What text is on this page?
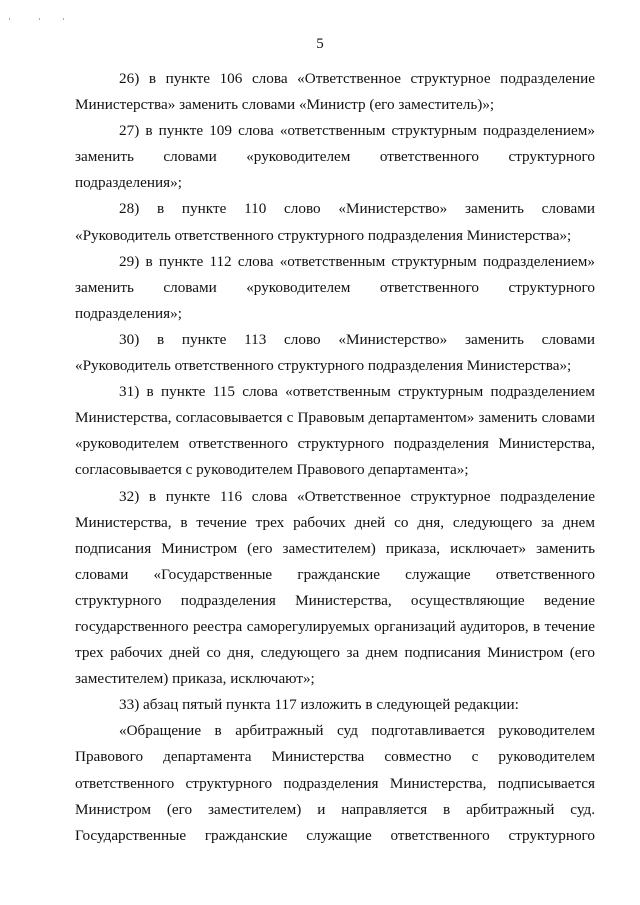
·	· ·
5
26) в пункте 106 слова «Ответственное структурное подразделение
Министерства» заменить словами «Министр (его заместитель)»;
27) в пункте 109 слова «ответственным структурным подразделением»
заменить словами «руководителем ответственного структурного
подразделения»;
28) в пункте 110 слово «Министерство» заменить словами
«Руководитель ответственного структурного подразделения Министерства»;
29) в пункте 112 слова «ответственным структурным подразделением»
заменить словами «руководителем ответственного структурного
подразделения»;
30) в пункте 113 слово «Министерство» заменить словами
«Руководитель ответственного структурного подразделения Министерства»;
31) в пункте 115 слова «ответственным структурным подразделением
Министерства, согласовывается с Правовым департаментом» заменить словами
«руководителем ответственного структурного подразделения Министерства,
согласовывается с руководителем Правового департамента»;
32) в пункте 116 слова «Ответственное структурное подразделение
Министерства, в течение трех рабочих дней со дня, следующего за днем
подписания Министром (его заместителем) приказа, исключает» заменить
словами «Государственные гражданские служащие ответственного
структурного подразделения Министерства, осуществляющие ведение
государственного реестра саморегулируемых организаций аудиторов, в течение
трех рабочих дней со дня, следующего за днем подписания Министром (его
заместителем) приказа, исключают»;
33) абзац пятый пункта 117 изложить в следующей редакции:
«Обращение в арбитражный суд подготавливается руководителем
Правового департамента Министерства совместно с руководителем
ответственного структурного подразделения Министерства, подписывается
Министром (его заместителем) и направляется в арбитражный суд.
Государственные гражданские служащие ответственного структурного
